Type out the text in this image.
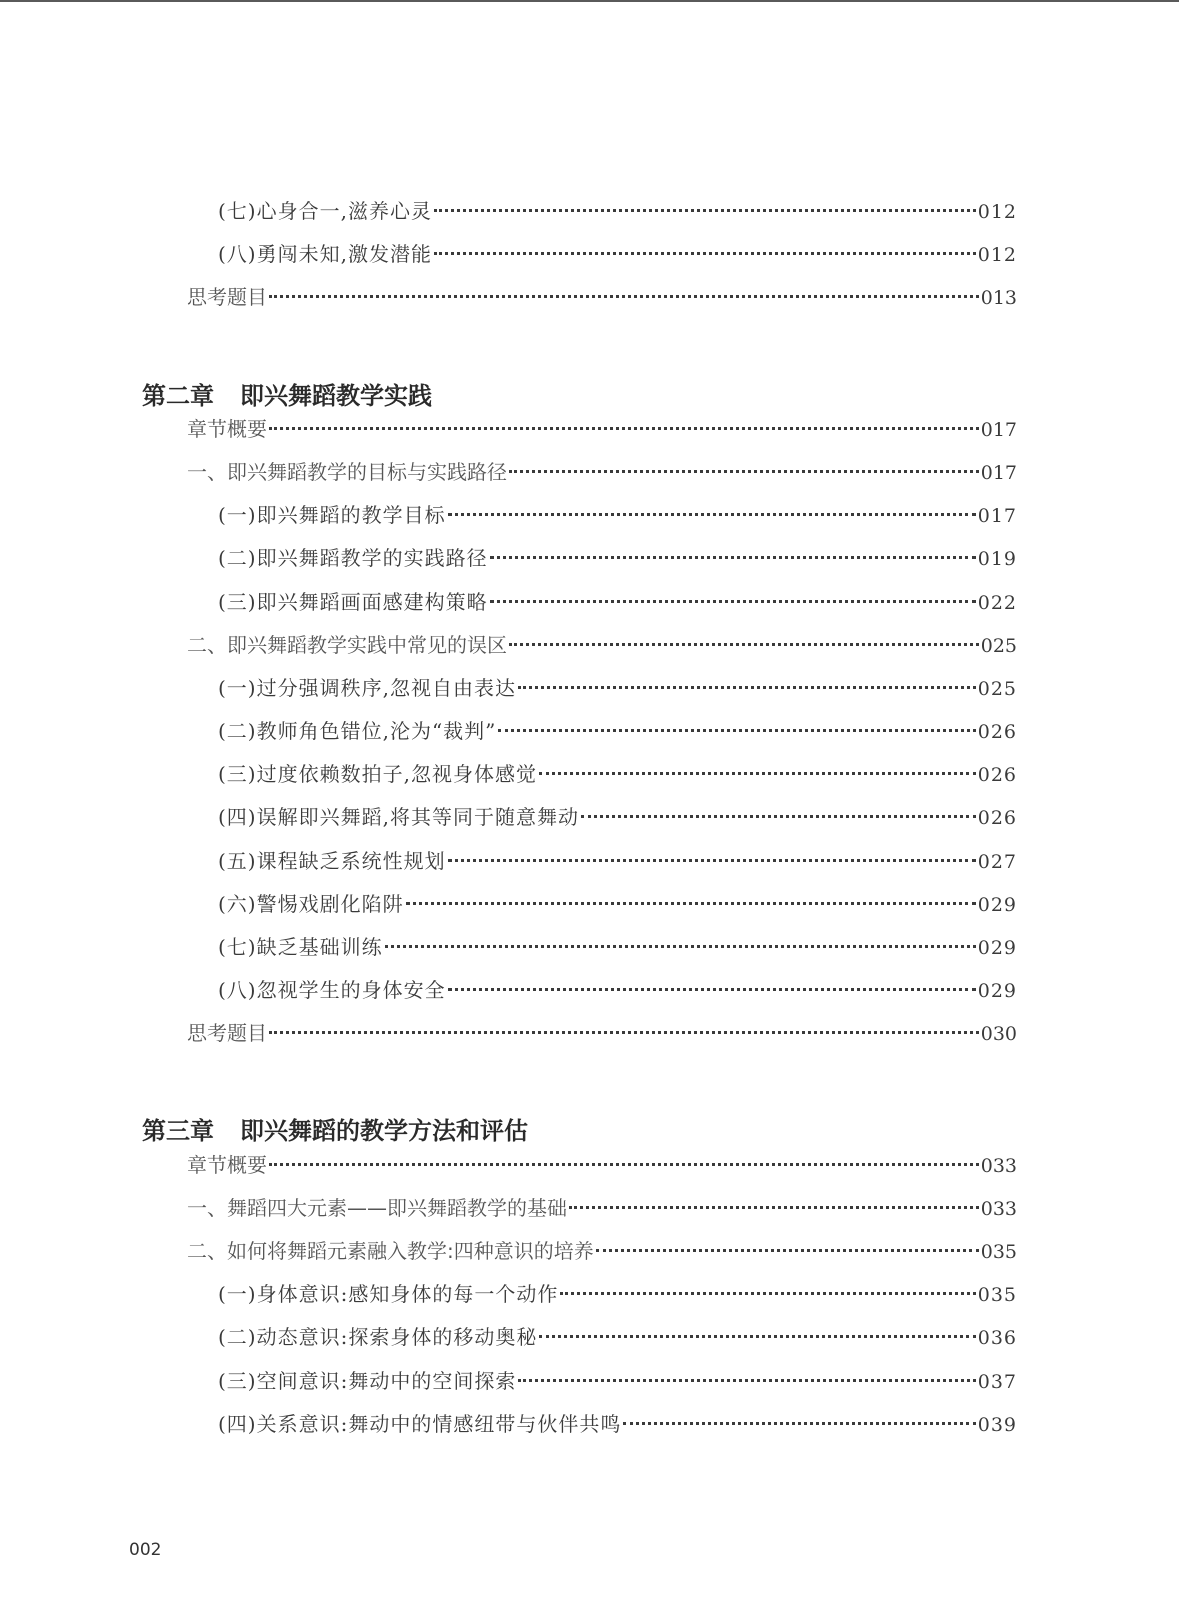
(七)心身合一,滋养心灵	012
(八)勇闯未知,激发潜能	012
思考题目	013
第二章 即兴舞蹈教学实践
章节概要	017
一、即兴舞蹈教学的目标与实践路径	017
(一)即兴舞蹈的教学目标	017
(二)即兴舞蹈教学的实践路径	019
(三)即兴舞蹈画面感建构策略	022
二、即兴舞蹈教学实践中常见的误区	025
(一)过分强调秩序,忽视自由表达	025
(二)教师角色错位,沦为“裁判”	026
(三)过度依赖数拍子,忽视身体感觉	026
(四)误解即兴舞蹈,将其等同于随意舞动	026
(五)课程缺乏系统性规划	027
(六)警惕戏剧化陷阱	029
(七)缺乏基础训练	029
(八)忽视学生的身体安全	029
思考题目	030
第三章 即兴舞蹈的教学方法和评估
章节概要	033
一、舞蹈四大元素——即兴舞蹈教学的基础	033
二、如何将舞蹈元素融入教学:四种意识的培养	035
(一)身体意识:感知身体的每一个动作	035
(二)动态意识:探索身体的移动奥秘	036
(三)空间意识:舞动中的空间探索	037
(四)关系意识:舞动中的情感纽带与伙伴共鸣	039
002
